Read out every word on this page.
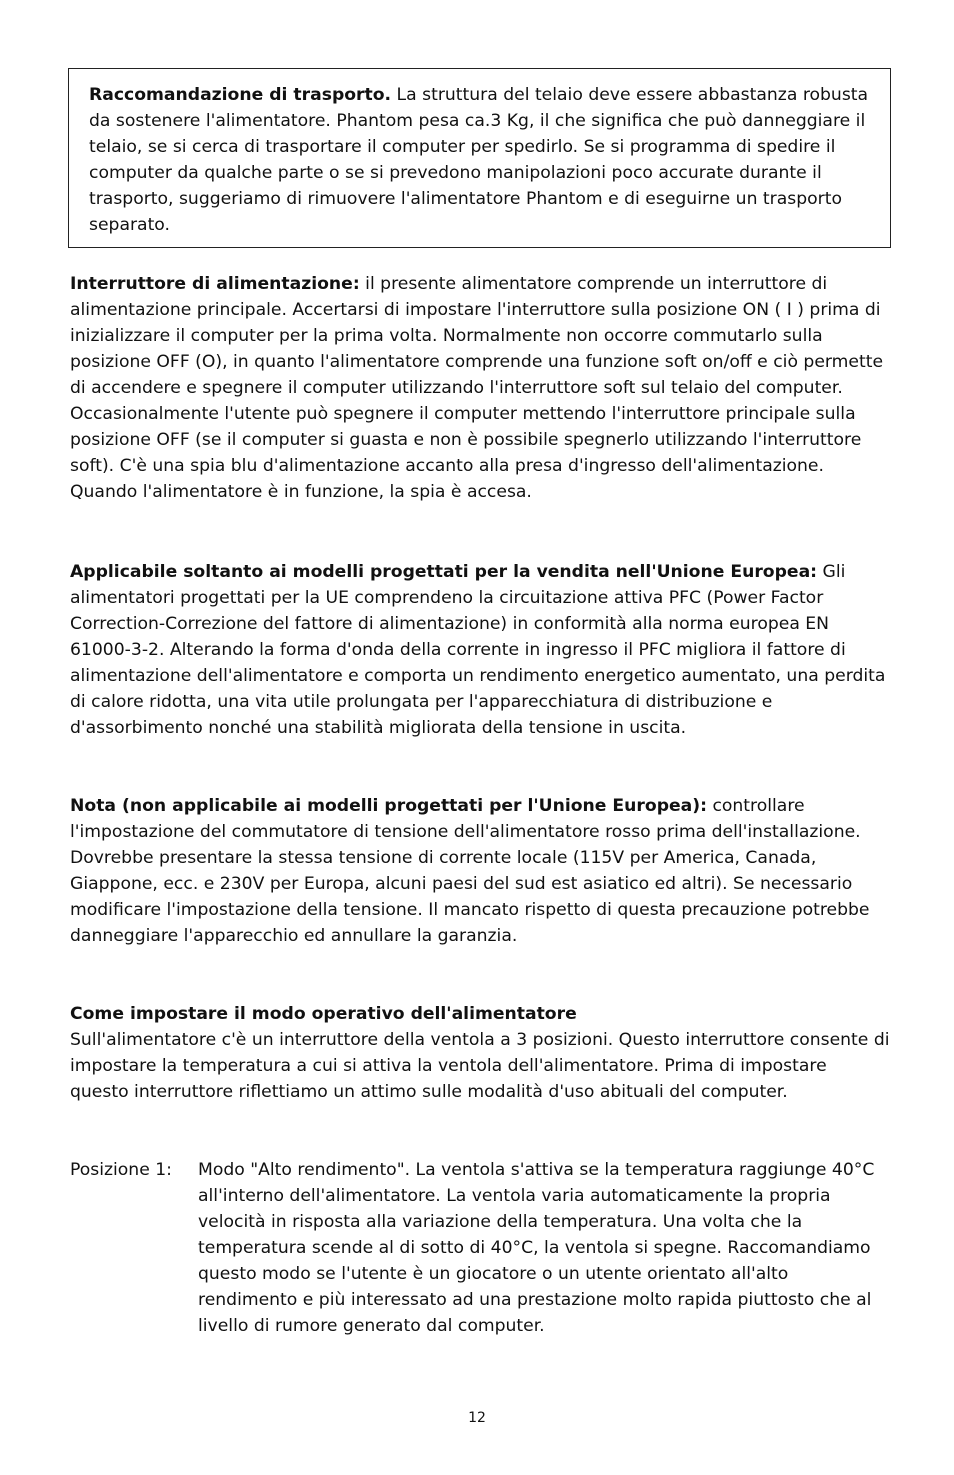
Raccomandazione di trasporto. La struttura del telaio deve essere abbastanza robusta da sostenere l'alimentatore. Phantom pesa ca.3 Kg, il che significa che può danneggiare il telaio, se si cerca di trasportare il computer per spedirlo. Se si programma di spedire il computer da qualche parte o se si prevedono manipolazioni poco accurate durante il trasporto, suggeriamo di rimuovere l'alimentatore Phantom e di eseguirne un trasporto separato.
Interruttore di alimentazione: il presente alimentatore comprende un interruttore di alimentazione principale. Accertarsi di impostare l'interruttore sulla posizione ON ( I ) prima di inizializzare il computer per la prima volta. Normalmente non occorre commutarlo sulla posizione OFF (O), in quanto l'alimentatore comprende una funzione soft on/off e ciò permette di accendere e spegnere il computer utilizzando l'interruttore soft sul telaio del computer. Occasionalmente l'utente può spegnere il computer mettendo l'interruttore principale sulla posizione OFF (se il computer si guasta e non è possibile spegnerlo utilizzando l'interruttore soft). C'è una spia blu d'alimentazione accanto alla presa d'ingresso dell'alimentazione. Quando l'alimentatore è in funzione, la spia è accesa.
Applicabile soltanto ai modelli progettati per la vendita nell'Unione Europea: Gli alimentatori progettati per la UE comprendeno la circuitazione attiva PFC (Power Factor Correction-Correzione del fattore di alimentazione) in conformità alla norma europea EN 61000-3-2. Alterando la forma d'onda della corrente in ingresso il PFC migliora il fattore di alimentazione dell'alimentatore e comporta un rendimento energetico aumentato, una perdita di calore ridotta, una vita utile prolungata per l'apparecchiatura di distribuzione e d'assorbimento nonché una stabilità migliorata della tensione in uscita.
Nota (non applicabile ai modelli progettati per l'Unione Europea): controllare l'impostazione del commutatore di tensione dell'alimentatore rosso prima dell'installazione. Dovrebbe presentare la stessa tensione di corrente locale (115V per America, Canada, Giappone, ecc. e 230V per Europa, alcuni paesi del sud est asiatico ed altri). Se necessario modificare l'impostazione della tensione. Il mancato rispetto di questa precauzione potrebbe danneggiare l'apparecchio ed annullare la garanzia.
Come impostare il modo operativo dell'alimentatore
Sull'alimentatore c'è un interruttore della ventola a 3 posizioni. Questo interruttore consente di impostare la temperatura a cui si attiva la ventola dell'alimentatore. Prima di impostare questo interruttore riflettiamo un attimo sulle modalità d'uso abituali del computer.
Posizione 1:	Modo "Alto rendimento". La ventola s'attiva se la temperatura raggiunge 40°C all'interno dell'alimentatore. La ventola varia automaticamente la propria velocità in risposta alla variazione della temperatura. Una volta che la temperatura scende al di sotto di 40°C, la ventola si spegne. Raccomandiamo questo modo se l'utente è un giocatore o un utente orientato all'alto rendimento e più interessato ad una prestazione molto rapida piuttosto che al livello di rumore generato dal computer.
12
